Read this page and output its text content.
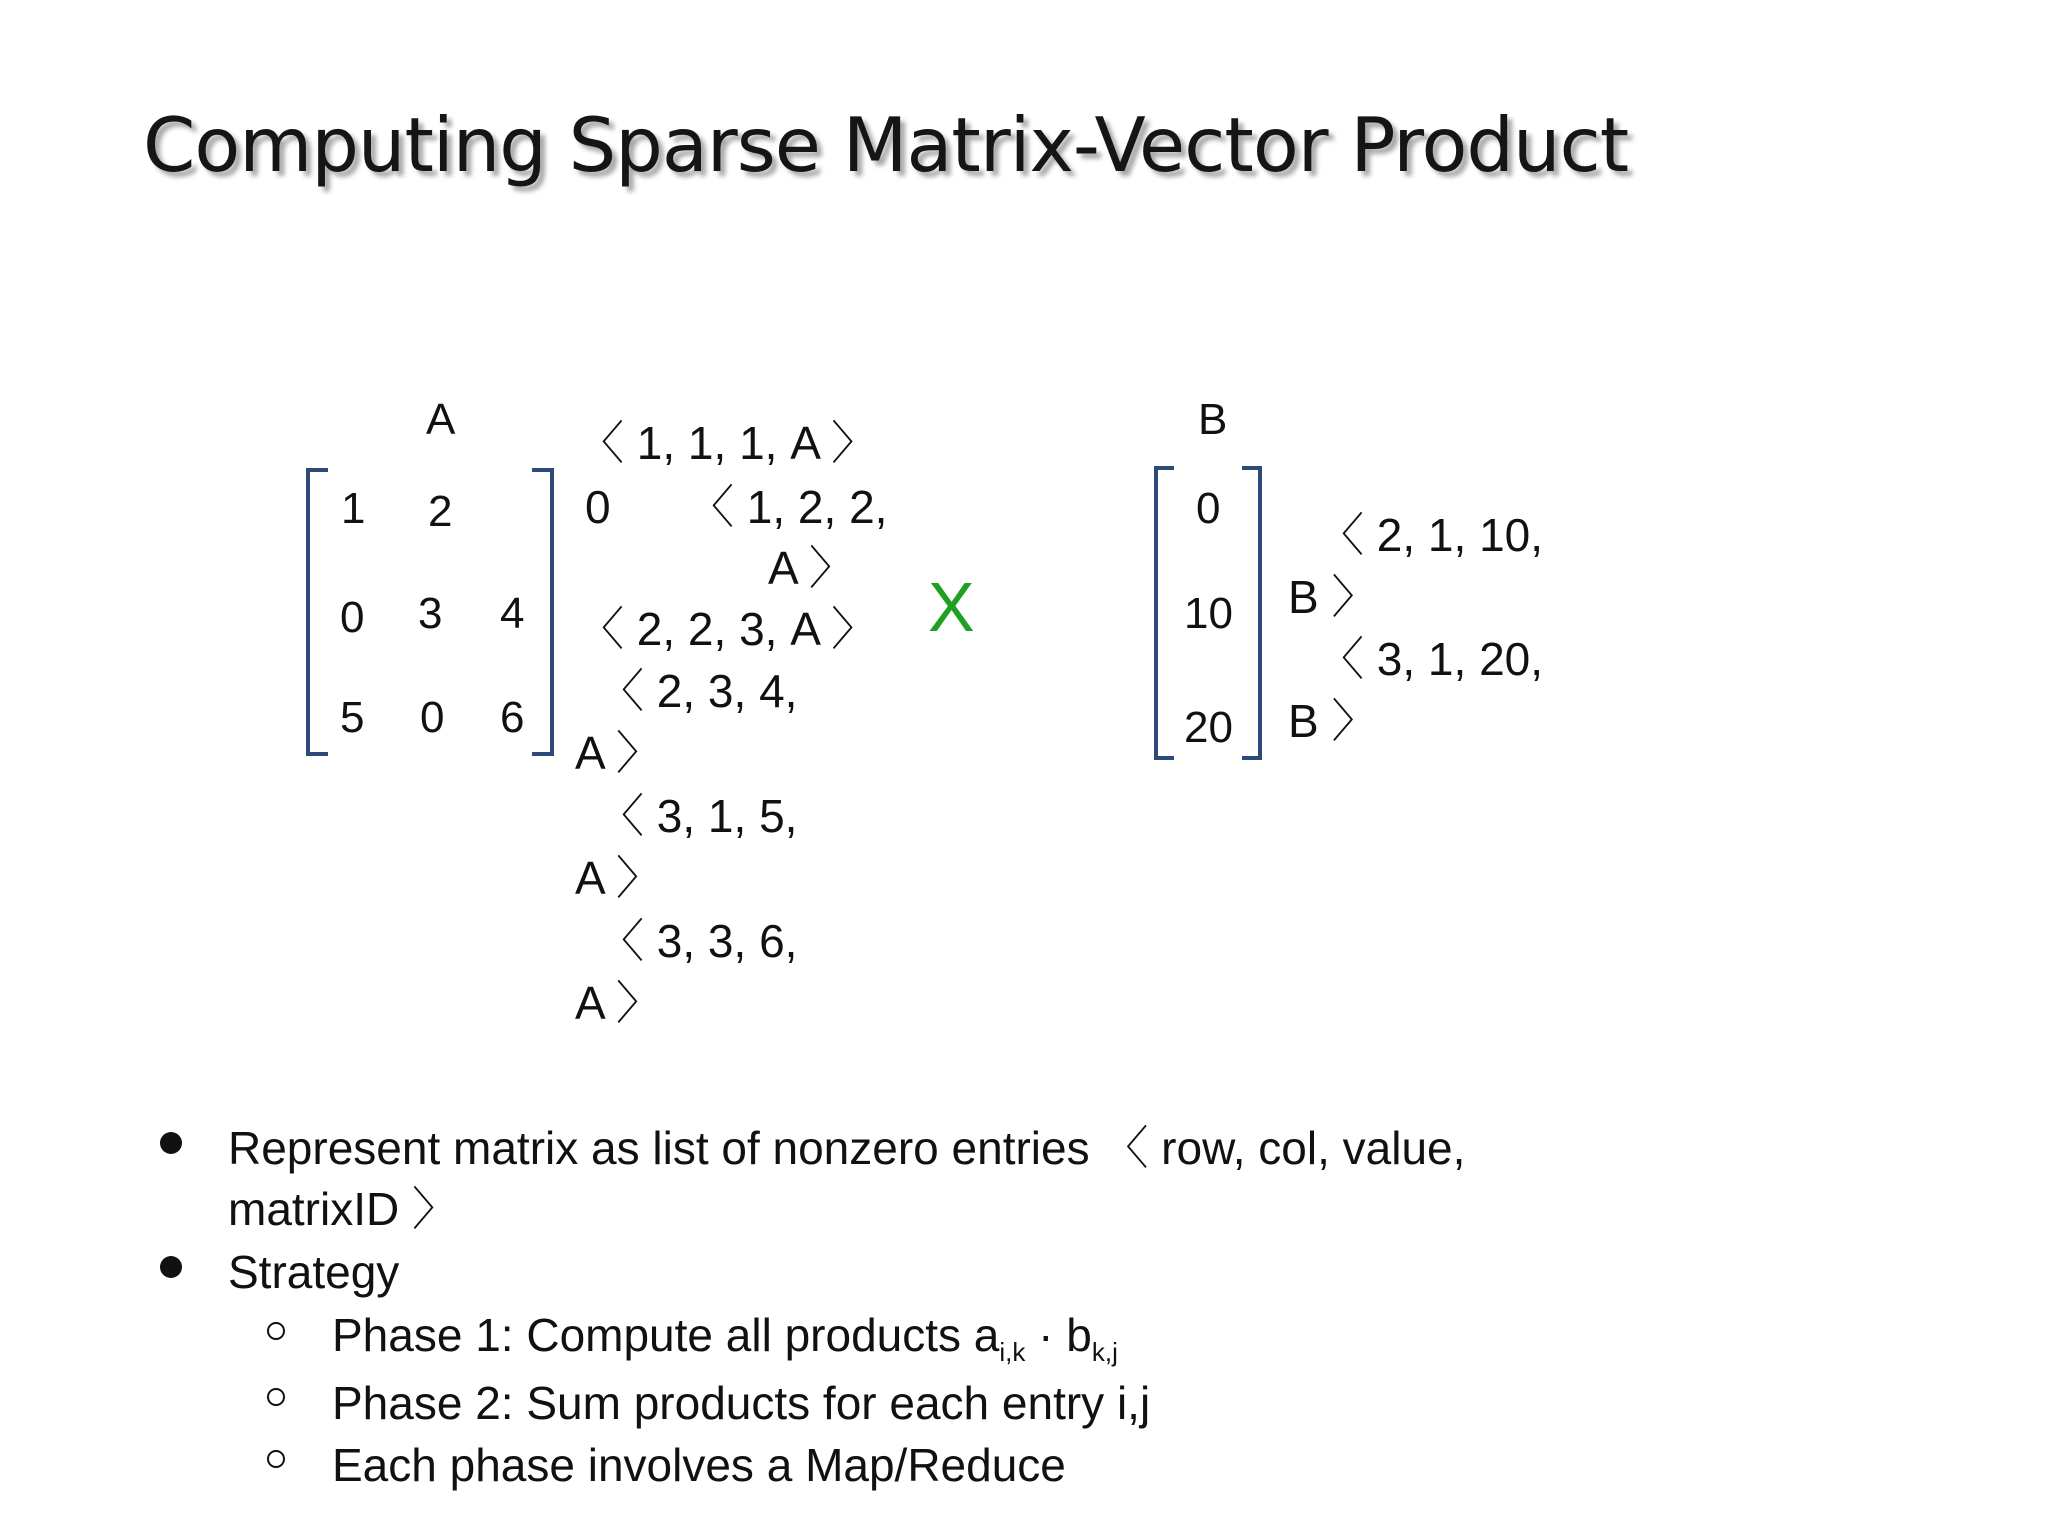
Computing Sparse Matrix-Vector Product
A
1 2
0 3 4
5 0 6
〈 1, 1, 1, A 〉
0 〈 1, 2, 2,
A 〉
〈 2, 2, 3, A 〉
〈 2, 3, 4,
A 〉
〈 3, 1, 5,
A 〉
〈 3, 3, 6,
A 〉
X
B
0
10
20
〈 2, 1, 10,
B 〉
〈 3, 1, 20,
B 〉
Represent matrix as list of nonzero entries 〈 row, col, value,
matrixID 〉
Strategy
Phase 1: Compute all products $a_{i,k} \cdot b_{k,j}$
Phase 2: Sum products for each entry i,j
Each phase involves a Map/Reduce
